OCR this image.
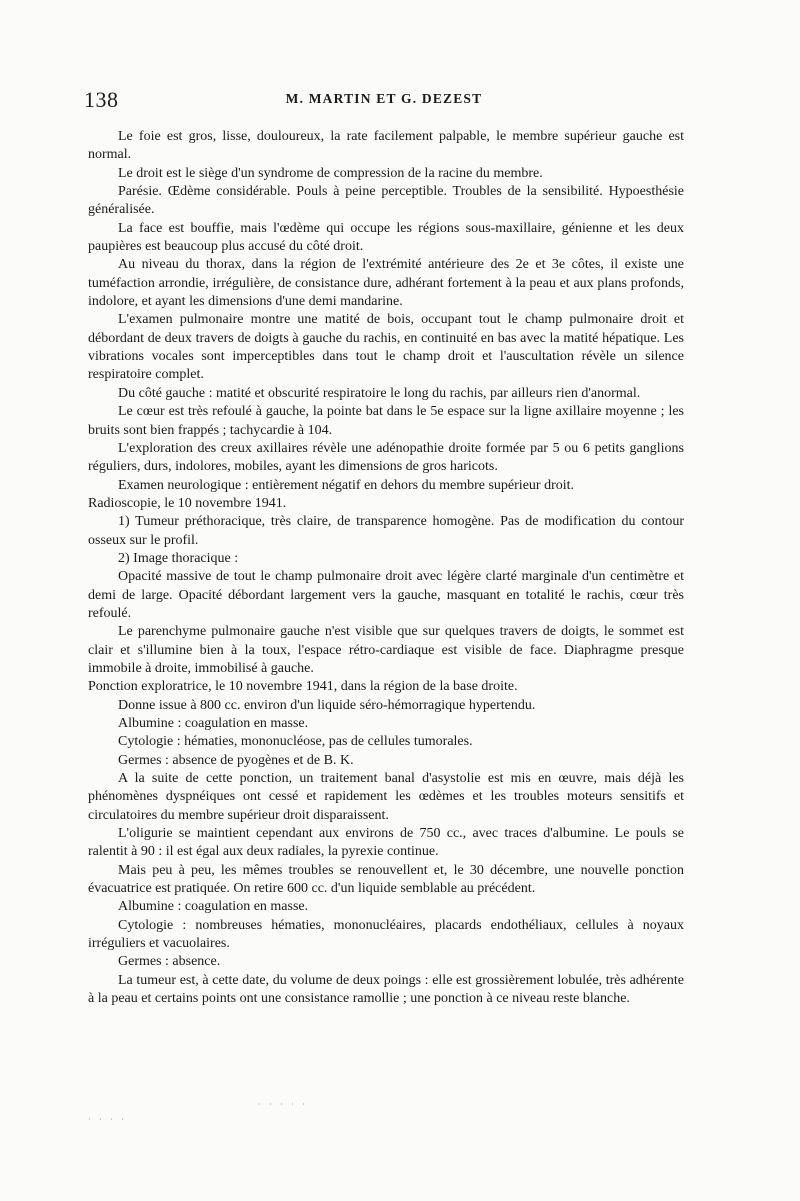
138	M. MARTIN ET G. DEZEST

Le foie est gros, lisse, douloureux, la rate facilement palpable, le membre supérieur gauche est normal.

Le droit est le siège d'un syndrome de compression de la racine du membre.

Parésie. Œdème considérable. Pouls à peine perceptible. Troubles de la sensibilité. Hypoesthésie généralisée.

La face est bouffie, mais l'œdème qui occupe les régions sous-maxillaire, génienne et les deux paupières est beaucoup plus accusé du côté droit.

Au niveau du thorax, dans la région de l'extrémité antérieure des 2e et 3e côtes, il existe une tuméfaction arrondie, irrégulière, de consistance dure, adhérant fortement à la peau et aux plans profonds, indolore, et ayant les dimensions d'une demi mandarine.

L'examen pulmonaire montre une matité de bois, occupant tout le champ pulmonaire droit et débordant de deux travers de doigts à gauche du rachis, en continuité en bas avec la matité hépatique. Les vibrations vocales sont imperceptibles dans tout le champ droit et l'auscultation révèle un silence respiratoire complet.

Du côté gauche : matité et obscurité respiratoire le long du rachis, par ailleurs rien d'anormal.

Le cœur est très refoulé à gauche, la pointe bat dans le 5e espace sur la ligne axillaire moyenne ; les bruits sont bien frappés ; tachycardie à 104.

L'exploration des creux axillaires révèle une adénopathie droite formée par 5 ou 6 petits ganglions réguliers, durs, indolores, mobiles, ayant les dimensions de gros haricots.

Examen neurologique : entièrement négatif en dehors du membre supérieur droit.

Radioscopie, le 10 novembre 1941.

1) Tumeur préthoracique, très claire, de transparence homogène. Pas de modification du contour osseux sur le profil.

2) Image thoracique :

Opacité massive de tout le champ pulmonaire droit avec légère clarté marginale d'un centimètre et demi de large. Opacité débordant largement vers la gauche, masquant en totalité le rachis, cœur très refoulé.

Le parenchyme pulmonaire gauche n'est visible que sur quelques travers de doigts, le sommet est clair et s'illumine bien à la toux, l'espace rétro-cardiaque est visible de face. Diaphragme presque immobile à droite, immobilisé à gauche.

Ponction exploratrice, le 10 novembre 1941, dans la région de la base droite.

Donne issue à 800 cc. environ d'un liquide séro-hémorragique hypertendu.

Albumine : coagulation en masse.

Cytologie : hématies, mononucléose, pas de cellules tumorales.

Germes : absence de pyogènes et de B. K.

A la suite de cette ponction, un traitement banal d'asystolie est mis en œuvre, mais déjà les phénomènes dyspnéiques ont cessé et rapidement les œdèmes et les troubles moteurs sensitifs et circulatoires du membre supérieur droit disparaissent.

L'oligurie se maintient cependant aux environs de 750 cc., avec traces d'albumine. Le pouls se ralentit à 90 : il est égal aux deux radiales, la pyrexie continue.

Mais peu à peu, les mêmes troubles se renouvellent et, le 30 décembre, une nouvelle ponction évacuatrice est pratiquée. On retire 600 cc. d'un liquide semblable au précédent.

Albumine : coagulation en masse.

Cytologie : nombreuses hématies, mononucléaires, placards endothéliaux, cellules à noyaux irréguliers et vacuolaires.

Germes : absence.

La tumeur est, à cette date, du volume de deux poings : elle est grossièrement lobulée, très adhérente à la peau et certains points ont une consistance ramollie ; une ponction à ce niveau reste blanche.

· · · ·
· · · · ·
